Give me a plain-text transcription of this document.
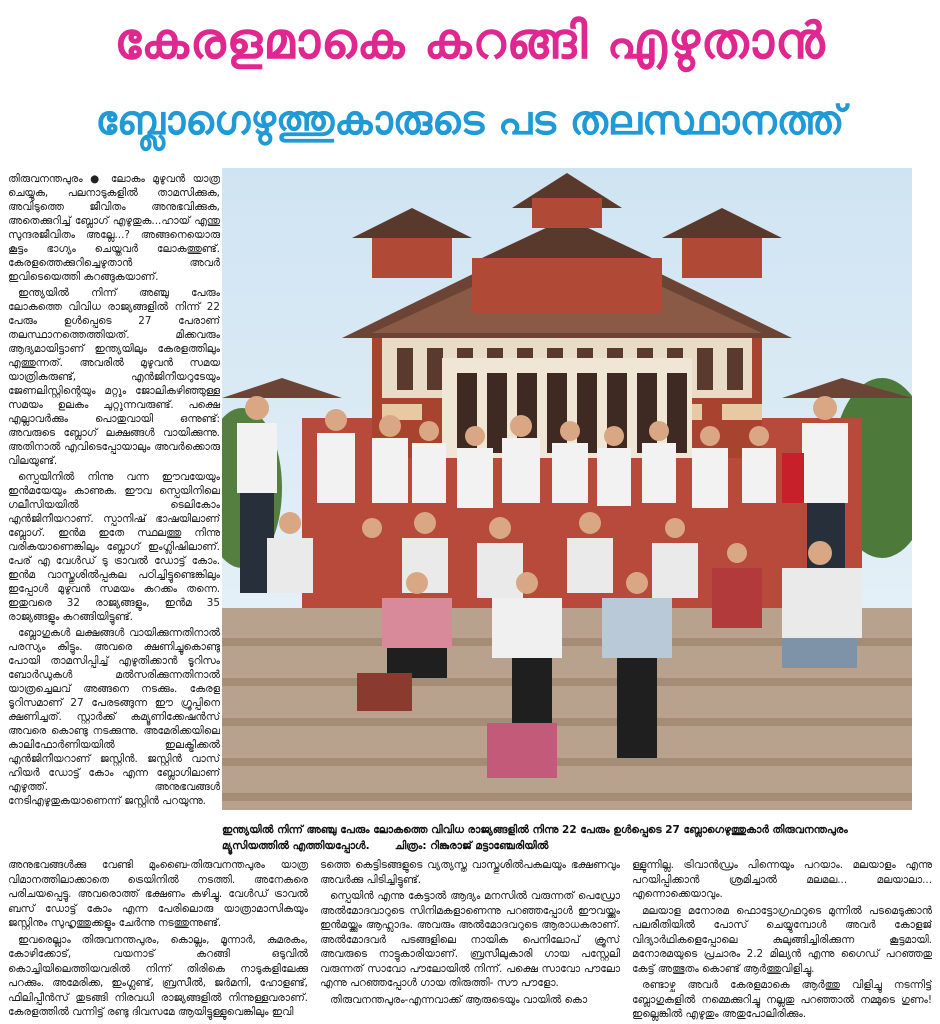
കേരളമാകെ കറങ്ങി എഴുതാൻ
ബ്ലോഗെഴുത്തുകാരുടെ പട തലസ്ഥാനത്ത്

തിരുവനന്തപുരം ● ലോകം മുഴുവൻ യാത്ര ചെയ്യുക, പലനാടുകളിൽ താമസിക്കുക, അവിടുത്തെ ജീവിതം അനുഭവിക്കുക, അതെക്കുറിച്ച് ബ്ലോഗ് എഴുതുക...ഹായ് എന്തു സുന്ദരജീവിതം അല്ലേ...? അങ്ങനെയൊരു കൂട്ടം ഭാഗ്യം ചെയ്തവർ ലോകത്തുണ്ട്. കേരളത്തെക്കുറിച്ചെഴുതാൻ അവർ ഇവിടെയെത്തി കറങ്ങുകയാണ്.

ഇന്ത്യയിൽ നിന്ന് അഞ്ചു പേരും ലോകത്തെ വിവിധ രാജ്യങ്ങളിൽ നിന്ന് 22 പേരും ഉൾപ്പെടെ 27 പേരാണ് തലസ്ഥാനത്തെത്തിയത്. മിക്കവരും ആദ്യമായിട്ടാണ് ഇന്ത്യയിലും കേരളത്തിലും എത്തുന്നത്. അവരിൽ മുഴുവൻ സമയ യാത്രികരുണ്ട്, എൻജിനീയറുടേയും ജേണലിസ്റ്റിന്റെയും മറ്റും ജോലികഴിഞ്ഞുള്ള സമയം ഉലകം ചുറ്റുന്നവരുണ്ട്. പക്ഷെ എല്ലാവർക്കും പൊതുവായി ഒന്നുണ്ട്: അവരുടെ ബ്ലോഗ് ലക്ഷങ്ങൾ വായിക്കുന്നു. അതിനാൽ എവിടെപ്പോയാലും അവർക്കൊരു വിലയുണ്ട്.

സ്പെയിനിൽ നിന്നു വന്ന ഈവയേയും ഇൻമയേയും കാണുക. ഈവ സ്പെയിനിലെ ഗലീസിയയിൽ ടെലികോം എൻജിനീയറാണ്. സ്പാനിഷ് ഭാഷയിലാണ് ബ്ലോഗ്. ഇൻമ ഇതേ സ്ഥലത്തു നിന്നു വരികയാണെങ്കിലും ബ്ലോഗ് ഇംഗ്ലിഷിലാണ്. പേര് എ വേൾഡ് ടു ട്രാവൽ ഡോട്ട് കോം. ഇൻമ വാസ്തുശിൽപ്പകല പഠിച്ചിട്ടുണ്ടെങ്കിലും ഇപ്പോൾ മുഴുവൻ സമയം കറക്കം തന്നെ. ഇതുവരെ 32 രാജ്യങ്ങളും, ഇൻമ 35 രാജ്യങ്ങളും കറങ്ങിയിട്ടുണ്ട്.

ബ്ലോഗുകൾ ലക്ഷങ്ങൾ വായിക്കുന്നതിനാൽ പരസ്യം കിട്ടും. അവരെ ക്ഷണിച്ചുകൊണ്ടു പോയി താമസിപ്പിച്ച് എഴുതിക്കാൻ ടൂറിസം ബോർഡുകൾ മൽസരിക്കുന്നതിനാൽ യാത്രച്ചെലവ് അങ്ങനെ നടക്കും. കേരള ടൂറിസമാണ് 27 പേരടങ്ങുന്ന ഈ ഗ്രൂപ്പിനെ ക്ഷണിച്ചത്. സ്റ്റാർക്ക് കമ്യൂണിക്കേഷൻസ് അവരെ കൊണ്ടു നടക്കുന്നു. അമേരിക്കയിലെ കാലിഫോർണിയയിൽ ഇലക്ട്രിക്കൽ എൻജിനീയറാണ് ജസ്റ്റിൻ. ജസ്റ്റിൻ വാസ് ഹിയർ ഡോട്ട് കോം എന്ന ബ്ലോഗിലാണ് എഴുത്ത്. അനുഭവങ്ങൾ നേടിഎഴുതുകയാണെന്ന് ജസ്റ്റിൻ പറയുന്നു.

ഇന്ത്യയിൽ നിന്ന് അഞ്ചു പേരും ലോകത്തെ വിവിധ രാജ്യങ്ങളിൽ നിന്നു 22 പേരും ഉൾപ്പെടെ 27 ബ്ലോഗെഴുത്തുകാർ തിരുവനന്തപുരം
മ്യൂസിയത്തിൽ എത്തിയപ്പോൾ. ചിത്രം: റിങ്കുരാജ് മട്ടാഞ്ചേരിയിൽ

അനുഭവങ്ങൾക്കു വേണ്ടി മുംബൈ-തിരുവനന്തപുരം യാത്ര വിമാനത്തിലാക്കാതെ ട്രെയിനിൽ നടത്തി. അനേകരെ പരിചയപ്പെട്ടു. അവരൊത്ത് ഭക്ഷണം കഴിച്ചു. വേൾഡ് ട്രാവൽ ബസ് ഡോട്ട് കോം എന്ന പേരിലൊരു യാത്രാമാസികയും ജസ്റ്റിനും സുഹൃത്തുക്കളും ചേർന്നു നടത്തുന്നുണ്ട്.

ഇവരെല്ലാം തിരുവനന്തപുരം, കൊല്ലം, മൂന്നാർ, കുമരകം, കോഴിക്കോട്, വയനാട് കറങ്ങി ഒടുവിൽ കൊച്ചിയിലെത്തിയവരിൽ നിന്ന് തിരികെ നാടുകളിലേക്കു പറക്കും. അമേരിക്ക, ഇംഗ്ലണ്ട്, ബ്രസീൽ, ജർമനി, ഹോളണ്ട്, ഫിലിപ്പീൻസ് തുടങ്ങി നിരവധി രാജ്യങ്ങളിൽ നിന്നുള്ളവരാണ്. കേരളത്തിൽ വന്നിട്ട് രണ്ടു ദിവസമേ ആയിട്ടുള്ളുവെങ്കിലും ഇവി

ടത്തെ കെട്ടിടങ്ങളുടെ വ്യത്യസ്ത വാസ്തുശിൽപകലയും ഭക്ഷണവും അവർക്കു പിടിച്ചിട്ടുണ്ട്.

സ്പെയിൻ എന്നു കേട്ടാൽ ആദ്യം മനസിൽ വരുന്നത് പെഡ്രോ അൽമോദവാറുടെ സിനിമകളാണെന്നു പറഞ്ഞപ്പോൾ ഈവയ്ക്കും ഇൻമയ്ക്കും ആഹ്ലാദം. അവരും അൽമോദവറുടെ ആരാധകരാണ്. അൽമോദവർ പടങ്ങളിലെ നായിക പെനിലോപ് ക്രൂസ് അവരുടെ നാട്ടുകാരിയാണ്. ബ്രസീലുകാരി ഗായ പസ്റ്റേലി വരുന്നത് സാവോ പൗലോയിൽ നിന്ന്. പക്ഷെ സാവോ പൗലോ എന്നു പറഞ്ഞപ്പോൾ ഗായ തിരുത്തി- സൗ പൗളോ.

തിരുവനന്തപുരം-എന്നവാക്ക് ആരുടെയും വായിൽ കൊ

ള്ളുന്നില്ല. ട്രിവാൻഡ്രം പിന്നെയും പറയാം. മലയാളം എന്നു പറയിപ്പിക്കാൻ ശ്രമിച്ചാൽ മലമല... മലയാലാ... എന്നൊക്കെയാവും.

മലയാള മനോരമ ഫൊട്ടോഗ്രഫറുടെ മുന്നിൽ പടമെടുക്കാൻ പലരീതിയിൽ പോസ് ചെയ്യുമ്പോൾ അവർ കോളജ് വിദ്യാർഥികളെപ്പോലെ കുലുങ്ങിച്ചിരിക്കുന്ന കൂട്ടമായി. മനോരമയുടെ പ്രചാരം 2.2 മില്യൻ എന്നു ഗൈഡ് പറഞ്ഞതു കേട്ട് അത്ഭുതം കൊണ്ട് ആർത്തുവിളിച്ചു.

രണ്ടാഴ്ച അവർ കേരളമാകെ ആർത്തു വിളിച്ചു നടന്നിട്ട് ബ്ലോഗുകളിൽ നമ്മെക്കുറിച്ചു നല്ലതു പറഞ്ഞാൽ നമ്മുടെ ഗുണം! ഇല്ലെങ്കിൽ എഴുതും അതുപോലിരിക്കും.
